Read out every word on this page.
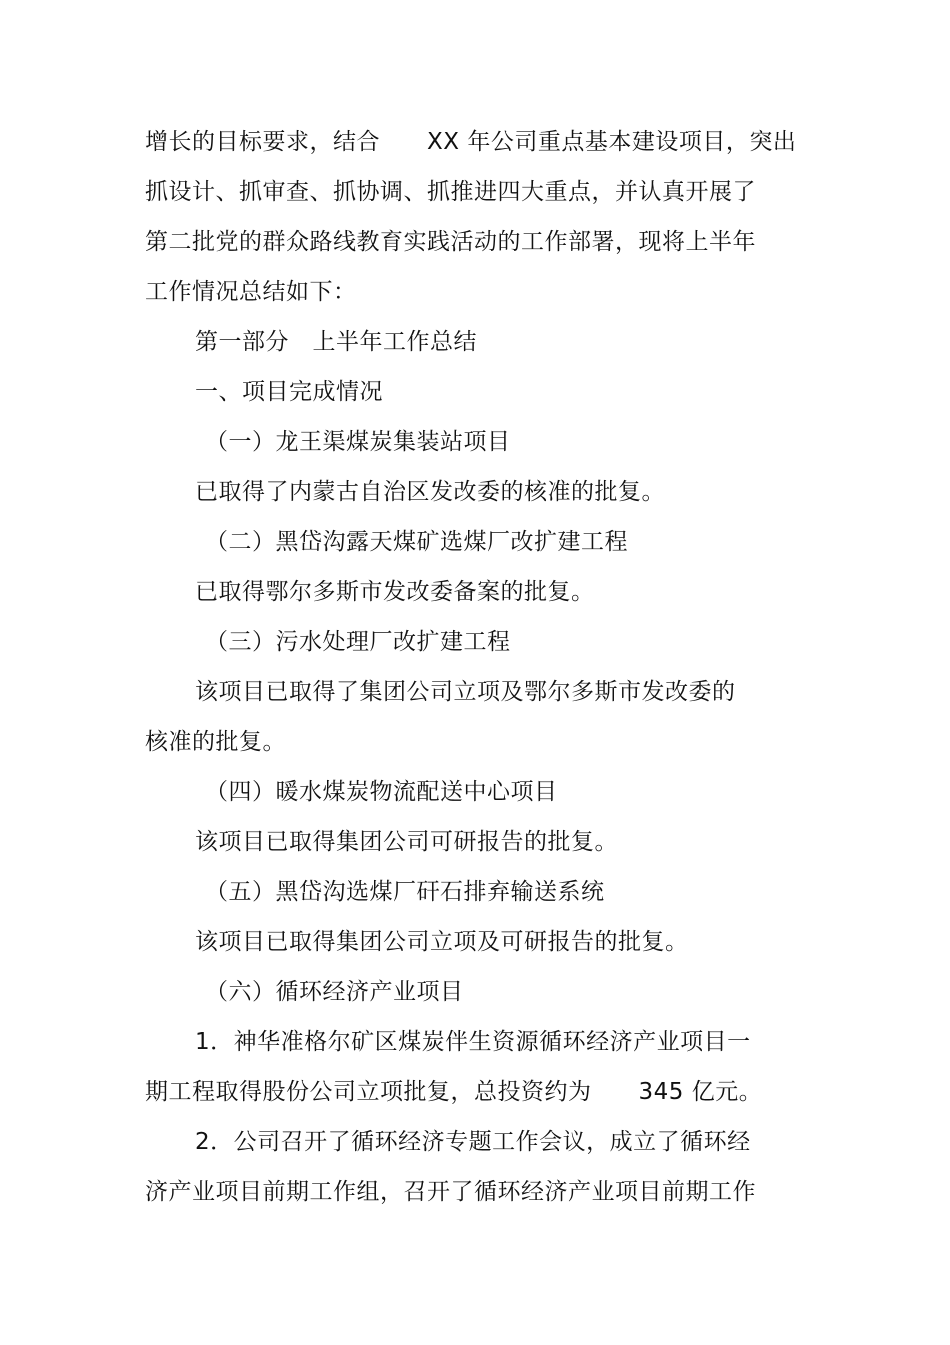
增长的目标要求，结合　　XX 年公司重点基本建设项目，突出
抓设计、抓审查、抓协调、抓推进四大重点，并认真开展了
第二批党的群众路线教育实践活动的工作部署，现将上半年
工作情况总结如下：
第一部分　上半年工作总结
一、项目完成情况
（一）龙王渠煤炭集装站项目
已取得了内蒙古自治区发改委的核准的批复。
（二）黑岱沟露天煤矿选煤厂改扩建工程
已取得鄂尔多斯市发改委备案的批复。
（三）污水处理厂改扩建工程
该项目已取得了集团公司立项及鄂尔多斯市发改委的
核准的批复。
（四）暖水煤炭物流配送中心项目
该项目已取得集团公司可研报告的批复。
（五）黑岱沟选煤厂矸石排弃输送系统
该项目已取得集团公司立项及可研报告的批复。
（六）循环经济产业项目
1．神华准格尔矿区煤炭伴生资源循环经济产业项目一
期工程取得股份公司立项批复，总投资约为　　345 亿元。
2．公司召开了循环经济专题工作会议，成立了循环经
济产业项目前期工作组，召开了循环经济产业项目前期工作
